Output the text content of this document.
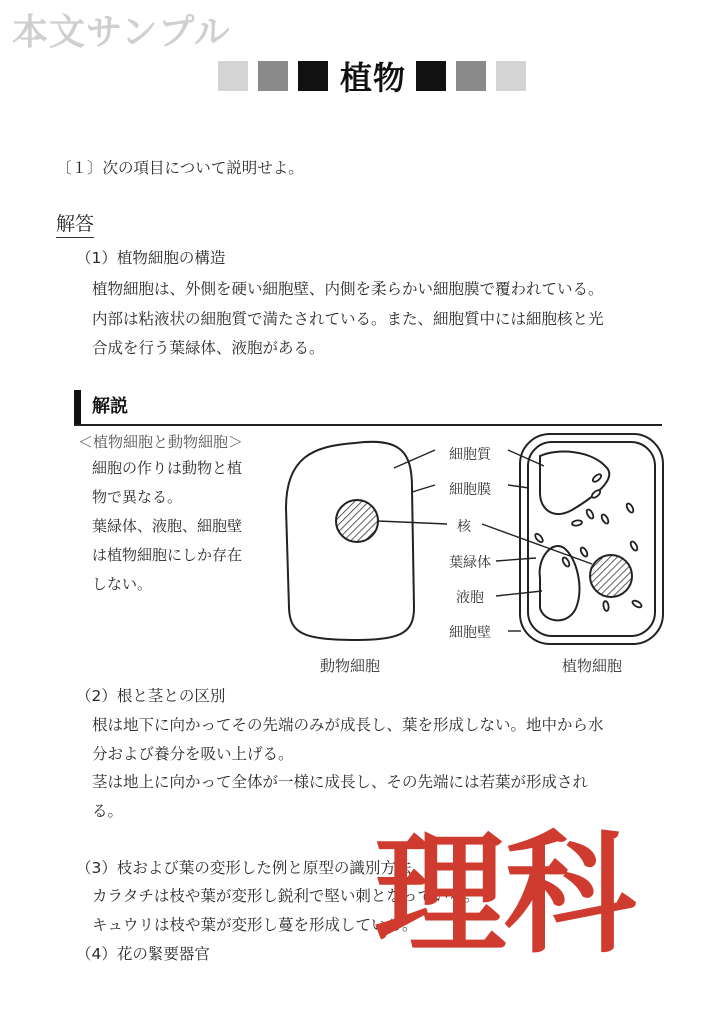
本文サンプル
植物
〔１〕次の項目について説明せよ。
解答
（1）植物細胞の構造
植物細胞は、外側を硬い細胞壁、内側を柔らかい細胞膜で覆われている。
内部は粘液状の細胞質で満たされている。また、細胞質中には細胞核と光
合成を行う葉緑体、液胞がある。
解説
＜植物細胞と動物細胞＞
細胞の作りは動物と植
物で異なる。
葉緑体、液胞、細胞壁
は植物細胞にしか存在
しない。
細胞質
細胞膜
核
葉緑体
液胞
細胞壁
動物細胞	植物細胞
（2）根と茎との区別
根は地下に向かってその先端のみが成長し、葉を形成しない。地中から水
分および養分を吸い上げる。
茎は地上に向かって全体が一様に成長し、その先端には若葉が形成され
る。
（3）枝および葉の変形した例と原型の識別方法
カラタチは枝や葉が変形し鋭利で堅い刺となっている。
キュウリは枝や葉が変形し蔓を形成している。
（4）花の緊要器官 理科
